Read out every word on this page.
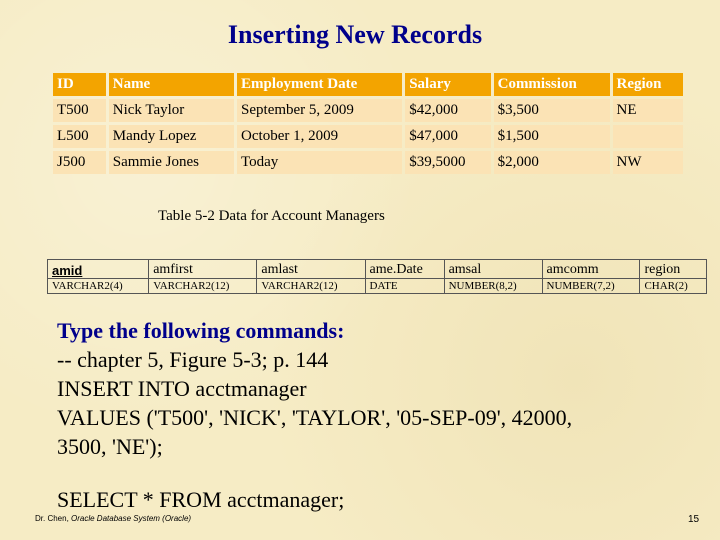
Inserting New Records
ID	Name	Employment Date	Salary	Commission	Region
T500	Nick Taylor	September 5, 2009	$42,000	$3,500	NE
L500	Mandy Lopez	October 1, 2009	$47,000	$1,500	
J500	Sammie Jones	Today	$39,5000	$2,000	NW
Table 5-2 Data for Account Managers
amid	amfirst	amlast	ame.Date	amsal	amcomm	region
VARCHAR2(4)	VARCHAR2(12)	VARCHAR2(12)	DATE	NUMBER(8,2)	NUMBER(7,2)	CHAR(2)
Type the following commands:
-- chapter 5, Figure 5-3; p. 144
INSERT INTO acctmanager
VALUES ('T500', 'NICK', 'TAYLOR', '05-SEP-09', 42000,
3500, 'NE');
SELECT * FROM acctmanager;
Dr. Chen, Oracle Database System (Oracle)	15
